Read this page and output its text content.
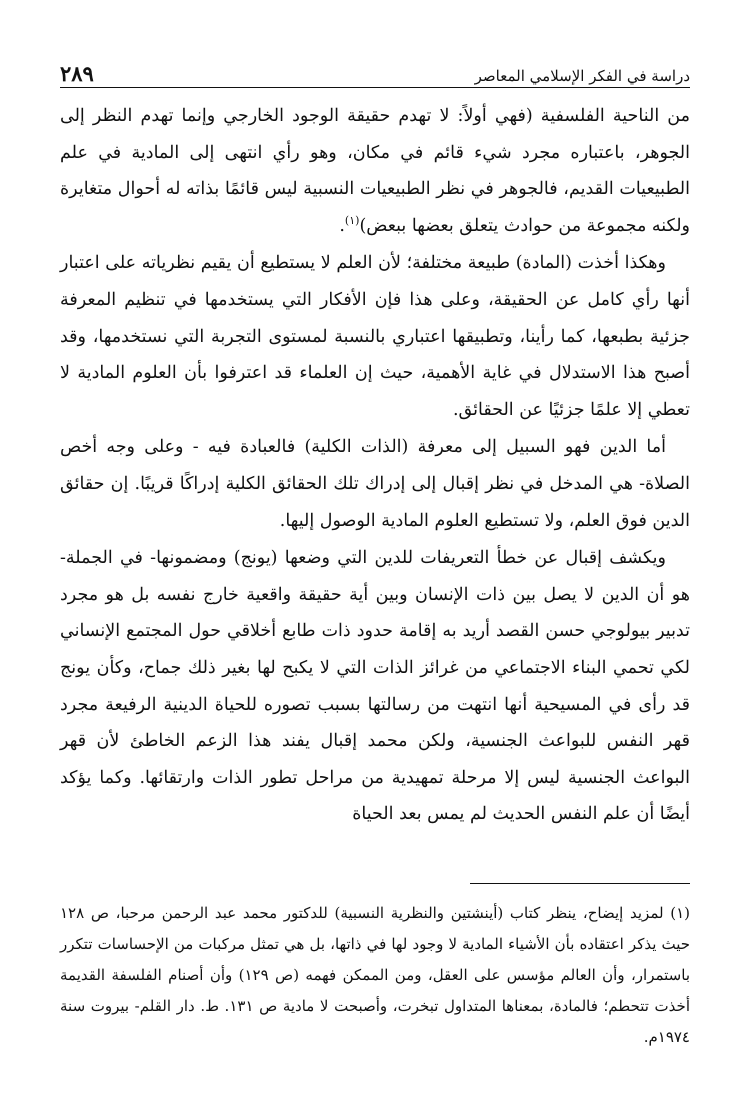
دراسة في الفكر الإسلامي المعاصر
٢٨٩

من الناحية الفلسفية (فهي أولاً: لا تهدم حقيقة الوجود الخارجي وإنما تهدم النظر إلى الجوهر، باعتباره مجرد شيء قائم في مكان، وهو رأي انتهى إلى المادية في علم الطبيعيات القديم، فالجوهر في نظر الطبيعيات النسبية ليس قائمًا بذاته له أحوال متغايرة ولكنه مجموعة من حوادث يتعلق بعضها ببعض)$^{(١)}$.

وهكذا أخذت (المادة) طبيعة مختلفة؛ لأن العلم لا يستطيع أن يقيم نظرياته على اعتبار أنها رأي كامل عن الحقيقة، وعلى هذا فإن الأفكار التي يستخدمها في تنظيم المعرفة جزئية بطبعها، كما رأينا، وتطبيقها اعتباري بالنسبة لمستوى التجربة التي نستخدمها، وقد أصبح هذا الاستدلال في غاية الأهمية، حيث إن العلماء قد اعترفوا بأن العلوم المادية لا تعطي إلا علمًا جزئيًا عن الحقائق.

أما الدين فهو السبيل إلى معرفة (الذات الكلية) فالعبادة فيه - وعلى وجه أخص الصلاة- هي المدخل في نظر إقبال إلى إدراك تلك الحقائق الكلية إدراكًا قريبًا. إن حقائق الدين فوق العلم، ولا تستطيع العلوم المادية الوصول إليها.

ويكشف إقبال عن خطأ التعريفات للدين التي وضعها (يونج) ومضمونها- في الجملة- هو أن الدين لا يصل بين ذات الإنسان وبين أية حقيقة واقعية خارج نفسه بل هو مجرد تدبير بيولوجي حسن القصد أريد به إقامة حدود ذات طابع أخلاقي حول المجتمع الإنساني لكي تحمي البناء الاجتماعي من غرائز الذات التي لا يكبح لها بغير ذلك جماح، وكأن يونج قد رأى في المسيحية أنها انتهت من رسالتها بسبب تصوره للحياة الدينية الرفيعة مجرد قهر النفس للبواعث الجنسية، ولكن محمد إقبال يفند هذا الزعم الخاطئ لأن قهر البواعث الجنسية ليس إلا مرحلة تمهيدية من مراحل تطور الذات وارتقائها. وكما يؤكد أيضًا أن علم النفس الحديث لم يمس بعد الحياة

(١) لمزيد إيضاح، ينظر كتاب (أينشتين والنظرية النسبية) للدكتور محمد عبد الرحمن مرحبا، ص ١٢٨ حيث يذكر اعتقاده بأن الأشياء المادية لا وجود لها في ذاتها، بل هي تمثل مركبات من الإحساسات تتكرر باستمرار، وأن العالم مؤسس على العقل، ومن الممكن فهمه (ص ١٢٩) وأن أصنام الفلسفة القديمة أخذت تتحطم؛ فالمادة، بمعناها المتداول تبخرت، وأصبحت لا مادية ص ١٣١. ط. دار القلم- بيروت سنة ١٩٧٤م.
